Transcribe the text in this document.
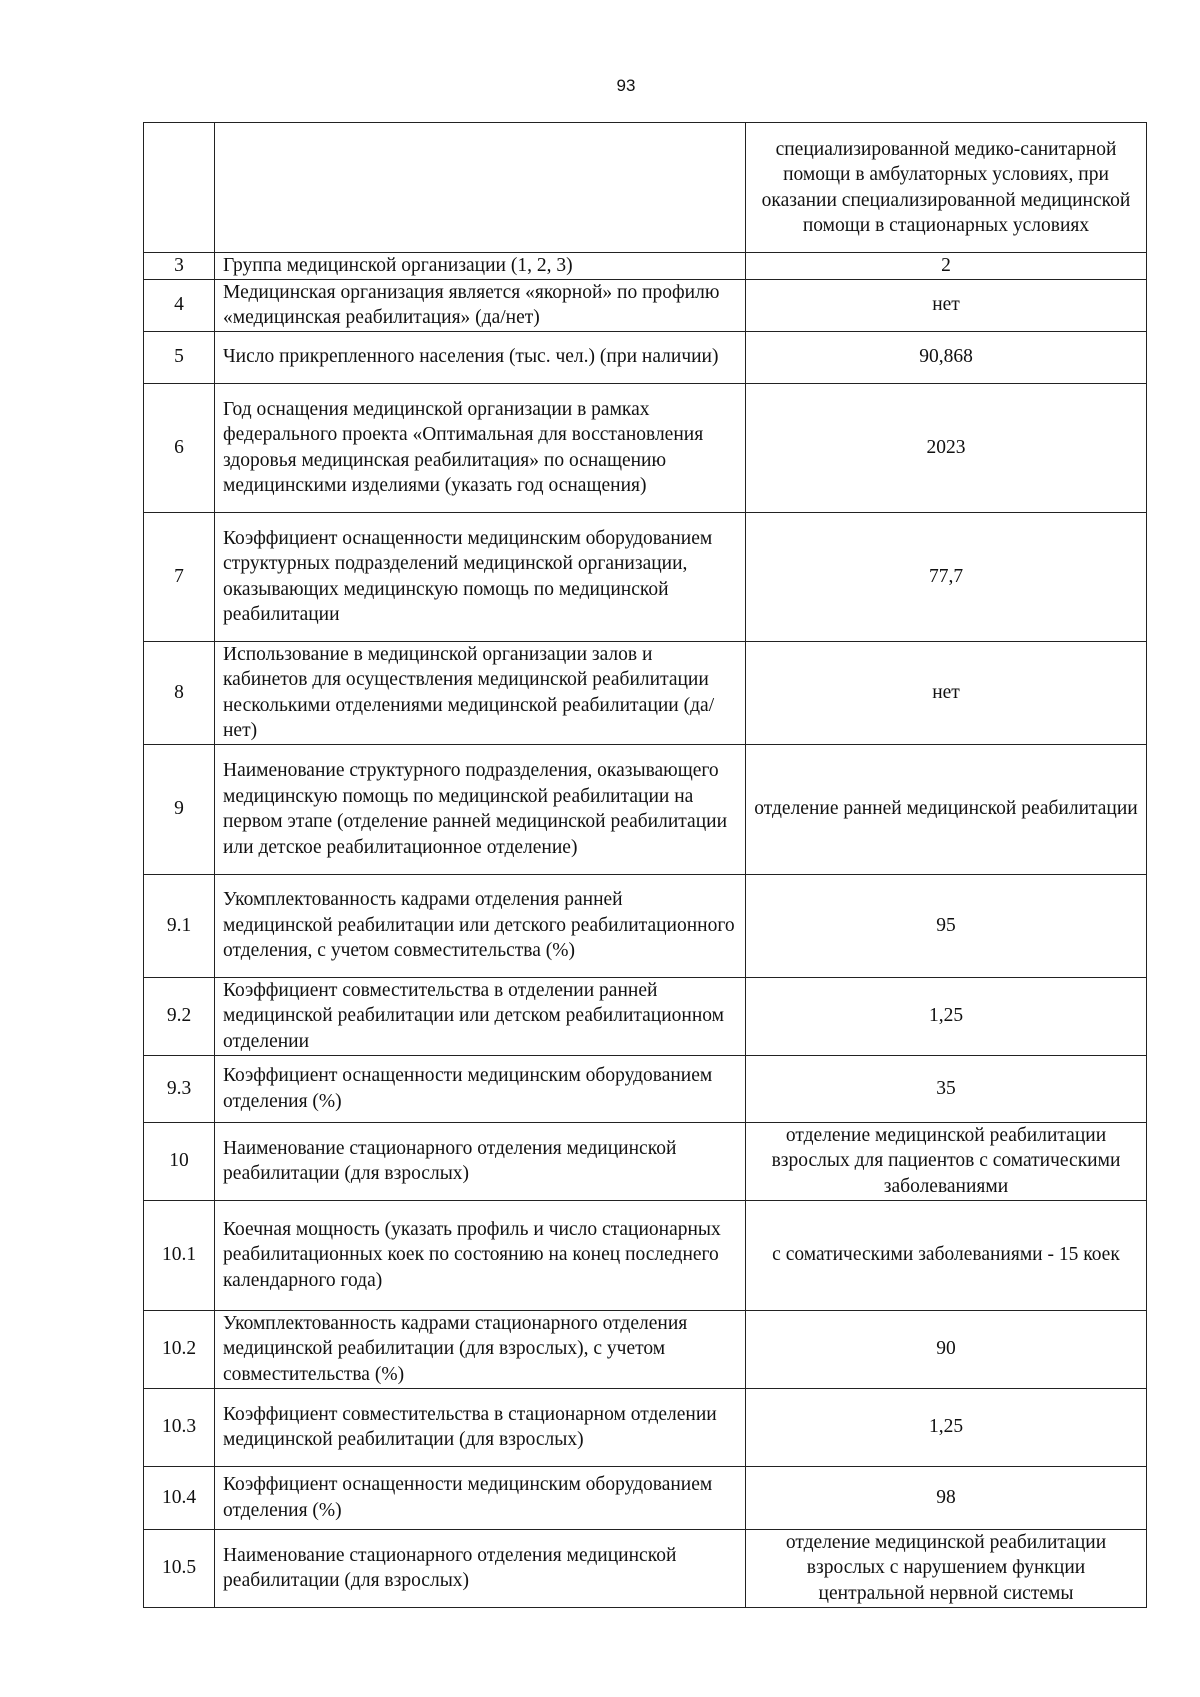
93
		специализированной медико-санитарной помощи в амбулаторных условиях, при оказании специализированной медицинской помощи в стационарных условиях
3	Группа медицинской организации (1, 2, 3)	2
4	Медицинская организация является «якорной» по профилю «медицинская реабилитация» (да/нет)	нет
5	Число прикрепленного населения (тыс. чел.) (при наличии)	90,868
6	Год оснащения медицинской организации в рамках федерального проекта «Оптимальная для восстановления здоровья медицинская реабилитация» по оснащению медицинскими изделиями (указать год оснащения)	2023
7	Коэффициент оснащенности медицинским оборудованием структурных подразделений медицинской организации, оказывающих медицинскую помощь по медицинской реабилитации	77,7
8	Использование в медицинской организации залов и кабинетов для осуществления медицинской реабилитации несколькими отделениями медицинской реабилитации (да/нет)	нет
9	Наименование структурного подразделения, оказывающего медицинскую помощь по медицинской реабилитации на первом этапе (отделение ранней медицинской реабилитации или детское реабилитационное отделение)	отделение ранней медицинской реабилитации
9.1	Укомплектованность кадрами отделения ранней медицинской реабилитации или детского реабилитационного отделения, с учетом совместительства (%)	95
9.2	Коэффициент совместительства в отделении ранней медицинской реабилитации или детском реабилитационном отделении	1,25
9.3	Коэффициент оснащенности медицинским оборудованием отделения (%)	35
10	Наименование стационарного отделения медицинской реабилитации (для взрослых)	отделение медицинской реабилитации взрослых для пациентов с соматическими заболеваниями
10.1	Коечная мощность (указать профиль и число стационарных реабилитационных коек по состоянию на конец последнего календарного года)	с соматическими заболеваниями - 15 коек
10.2	Укомплектованность кадрами стационарного отделения медицинской реабилитации (для взрослых), с учетом совместительства (%)	90
10.3	Коэффициент совместительства в стационарном отделении медицинской реабилитации (для взрослых)	1,25
10.4	Коэффициент оснащенности медицинским оборудованием отделения (%)	98
10.5	Наименование стационарного отделения медицинской реабилитации (для взрослых)	отделение медицинской реабилитации взрослых с нарушением функции центральной нервной системы
